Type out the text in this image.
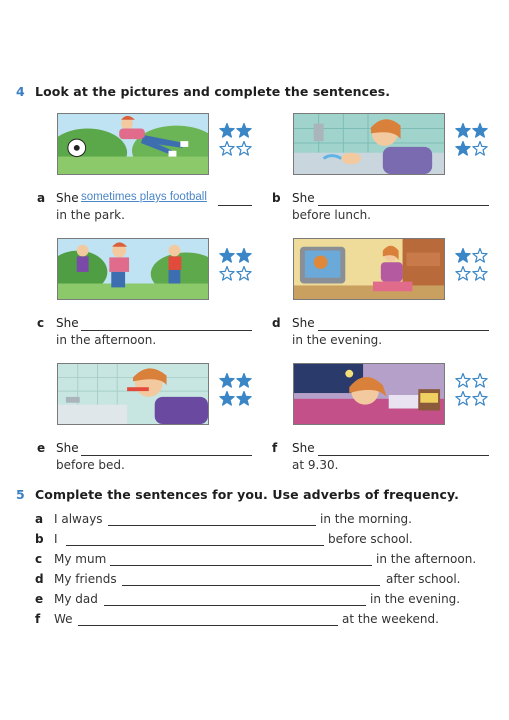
4 Look at the pictures and complete the sentences.
a She sometimes plays football
in the park.
b She
before lunch.
c She
in the afternoon.
d She
in the evening.
e She
before bed.
f She
at 9.30.
5 Complete the sentences for you. Use adverbs of frequency.
a I always	in the morning.
b I	before school.
c My mum	in the afternoon.
d My friends	after school.
e My dad	in the evening.
f We	at the weekend.
